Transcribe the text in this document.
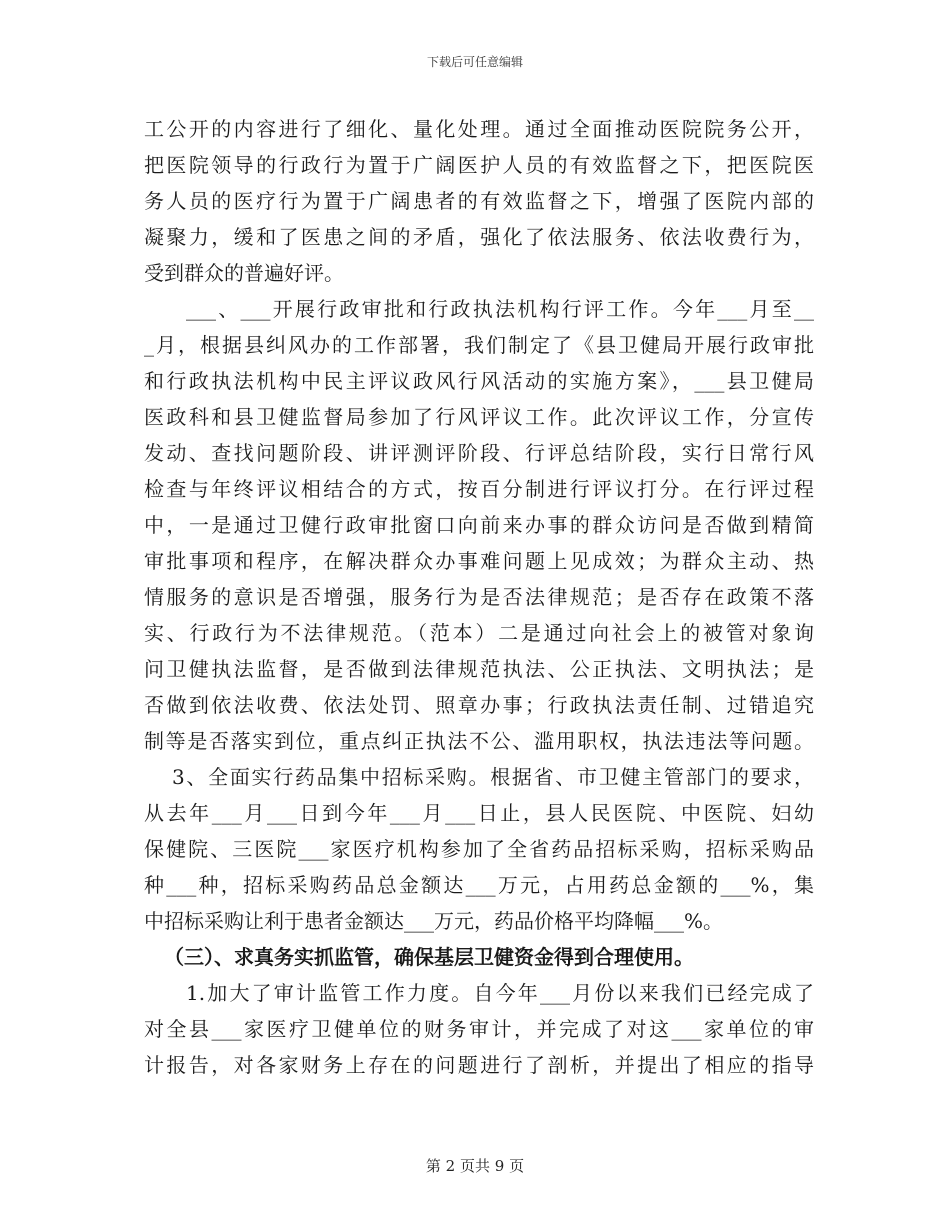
下载后可任意编辑
工公开的内容进行了细化、量化处理。通过全面推动医院院务公开，
把医院领导的行政行为置于广阔医护人员的有效监督之下，把医院医
务人员的医疗行为置于广阔患者的有效监督之下，增强了医院内部的
凝聚力，缓和了医患之间的矛盾，强化了依法服务、依法收费行为，
受到群众的普遍好评。
___、___开展行政审批和行政执法机构行评工作。今年___月至__
_月，根据县纠风办的工作部署，我们制定了《县卫健局开展行政审批
和行政执法机构中民主评议政风行风活动的实施方案》，___县卫健局
医政科和县卫健监督局参加了行风评议工作。此次评议工作，分宣传
发动、查找问题阶段、讲评测评阶段、行评总结阶段，实行日常行风
检查与年终评议相结合的方式，按百分制进行评议打分。在行评过程
中，一是通过卫健行政审批窗口向前来办事的群众访问是否做到精简
审批事项和程序，在解决群众办事难问题上见成效；为群众主动、热
情服务的意识是否增强，服务行为是否法律规范；是否存在政策不落
实、行政行为不法律规范。（范本）二是通过向社会上的被管对象询
问卫健执法监督，是否做到法律规范执法、公正执法、文明执法；是
否做到依法收费、依法处罚、照章办事；行政执法责任制、过错追究
制等是否落实到位，重点纠正执法不公、滥用职权，执法违法等问题。
3、全面实行药品集中招标采购。根据省、市卫健主管部门的要求，
从去年___月___日到今年___月___日止，县人民医院、中医院、妇幼
保健院、三医院___家医疗机构参加了全省药品招标采购，招标采购品
种___种，招标采购药品总金额达___万元，占用药总金额的___%，集
中招标采购让利于患者金额达___万元，药品价格平均降幅___%。
（三）、求真务实抓监管，确保基层卫健资金得到合理使用。
1.加大了审计监管工作力度。自今年___月份以来我们已经完成了
对全县___家医疗卫健单位的财务审计，并完成了对这___家单位的审
计报告，对各家财务上存在的问题进行了剖析，并提出了相应的指导
第 2 页共 9 页
